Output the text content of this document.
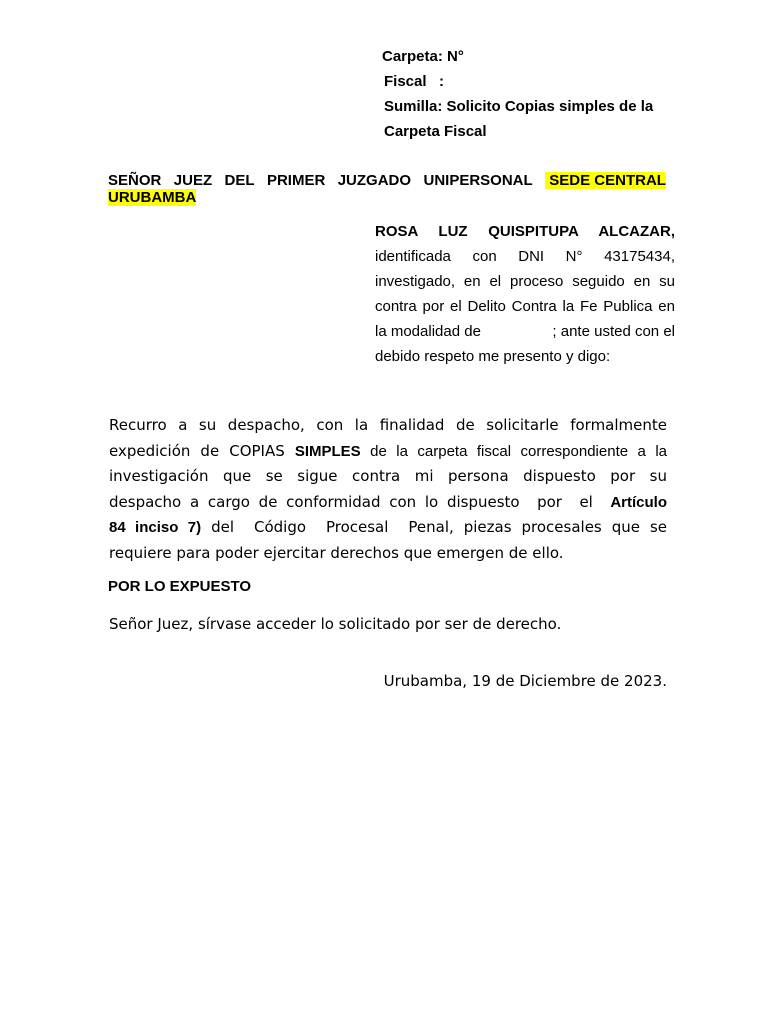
Carpeta: N°
Fiscal   :
Sumilla: Solicito Copias simples de la
Carpeta Fiscal
SEÑOR JUEZ DEL PRIMER JUZGADO UNIPERSONAL SEDE CENTRAL
URUBAMBA
ROSA LUZ QUISPITUPA ALCAZAR,
identificada con DNI N° 43175434,
investigado, en el proceso seguido en su
contra por el Delito Contra la Fe Publica en
la modalidad de	; ante usted con el
debido respeto me presento y digo:
Recurro a su despacho, con la finalidad de solicitarle formalmente
expedición de COPIAS SIMPLES de la carpeta fiscal correspondiente a la
investigación que se sigue contra mi persona dispuesto por su
despacho a cargo de conformidad con lo dispuesto  por  el  Artículo
84 inciso 7) del  Código  Procesal  Penal, piezas procesales que se
requiere para poder ejercitar derechos que emergen de ello.
POR LO EXPUESTO
Señor Juez, sírvase acceder lo solicitado por ser de derecho.
Urubamba, 19 de Diciembre de 2023.
